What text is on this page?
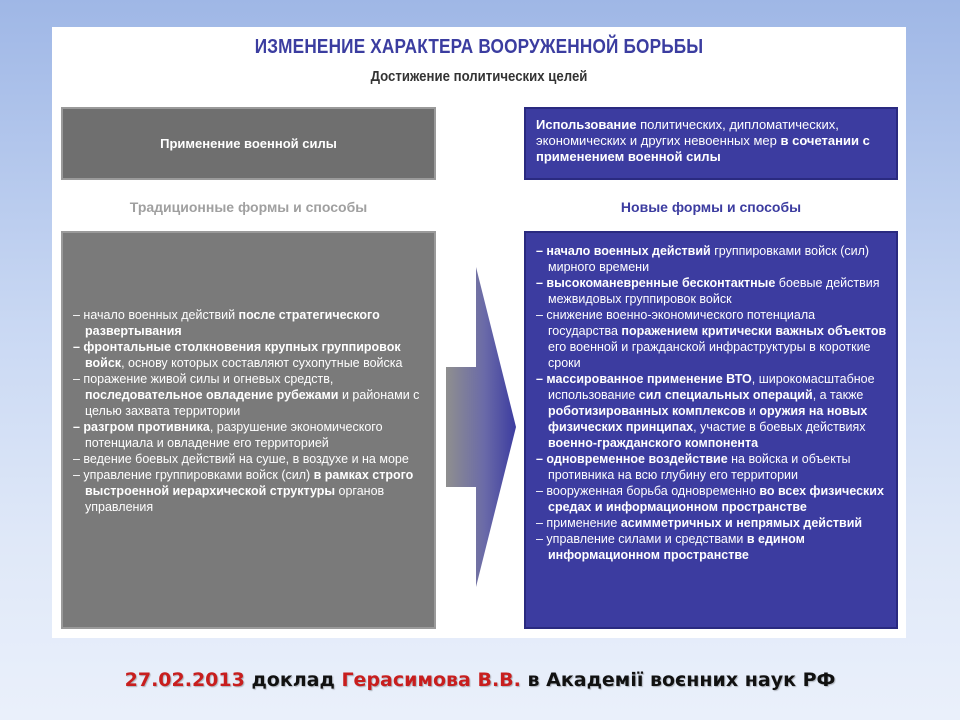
ИЗМЕНЕНИЕ ХАРАКТЕРА ВООРУЖЕННОЙ БОРЬБЫ
Достижение политических целей
Применение военной силы
Использование политических, дипломатических, экономических и других невоенных мер в сочетании с применением военной силы
Традиционные формы и способы	Новые формы и способы

– начало военных действий после стратегического развертывания

– фронтальные столкновения крупных группировок войск, основу которых составляют сухопутные войска

– поражение живой силы и огневых средств, последовательное овладение рубежами и районами с целью захвата территории

– разгром противника, разрушение экономического потенциала и овладение его территорией

– ведение боевых действий на суше, в воздухе и на море

– управление группировками войск (сил) в рамках строго выстроенной иерархической структуры органов управления

– начало военных действий группировками войск (сил) мирного времени

– высокоманевренные бесконтактные боевые действия межвидовых группировок войск

– снижение военно-экономического потенциала государства поражением критически важных объектов его военной и гражданской инфраструктуры в короткие сроки

– массированное применение ВТО, широкомасштабное использование сил специальных операций, а также роботизированных комплексов и оружия на новых физических принципах, участие в боевых действиях военно-гражданского компонента

– одновременное воздействие на войска и объекты противника на всю глубину его территории

– вооруженная борьба одновременно во всех физических средах и информационном пространстве

– применение асимметричных и непрямых действий

– управление силами и средствами в едином информационном пространстве

27.02.2013 доклад Герасимова В.В. в Академії воєнних наук РФ
